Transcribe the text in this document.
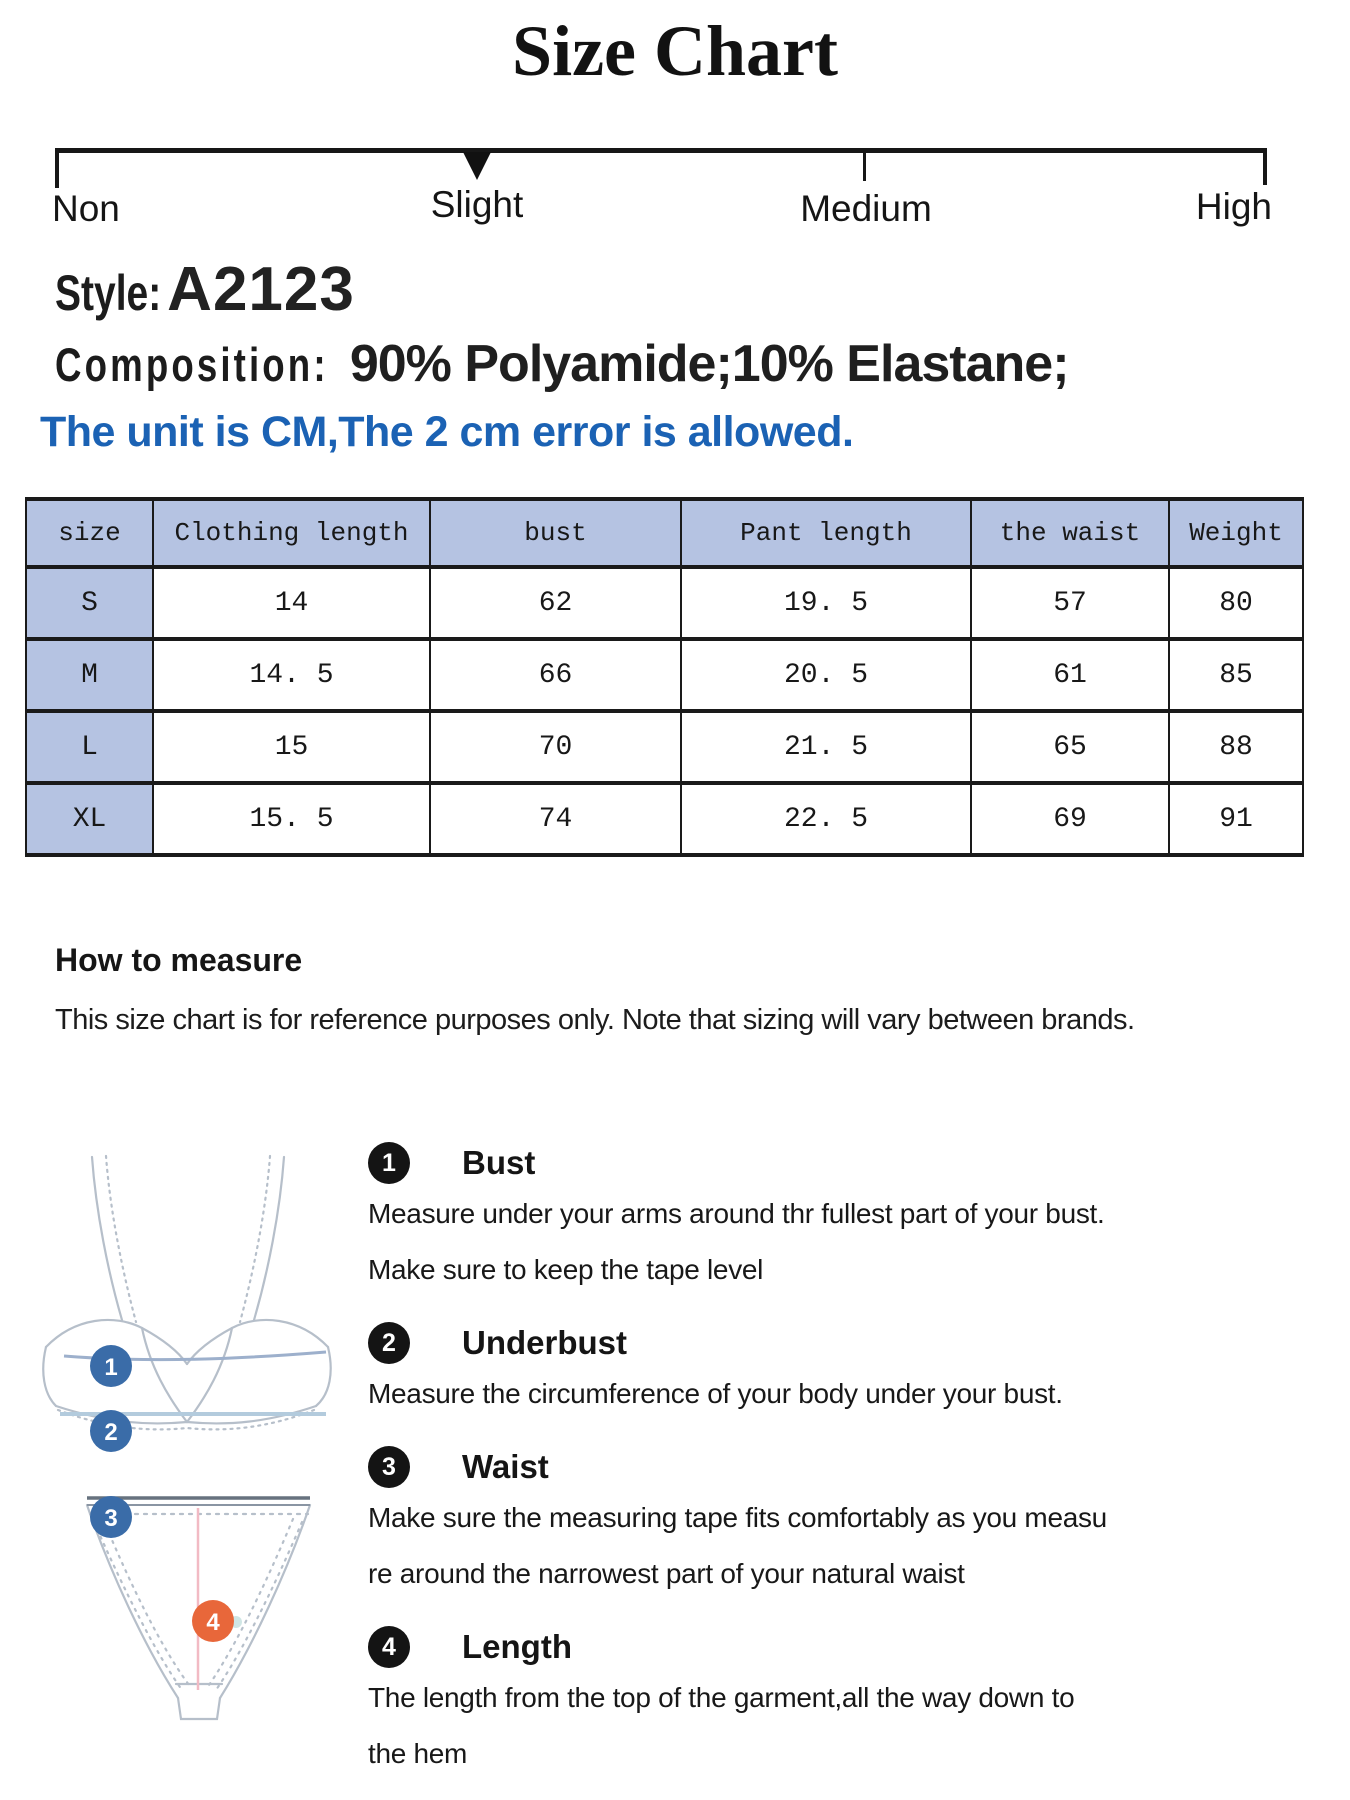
Size Chart
Non	Slight	Medium	High
Style:A2123
Composition: 90% Polyamide;10% Elastane;
The unit is CM,The 2 cm error is allowed.
size	Clothing length	bust	Pant length	the waist	Weight
S	14	62	19. 5	57	80
M	14. 5	66	20. 5	61	85
L	15	70	21. 5	65	88
XL	15. 5	74	22. 5	69	91
How to measure

This size chart is for reference purposes only. Note that sizing will vary between brands.

1
2
3
4
1	Bust
Measure under your arms around thr fullest part of your bust.
Make sure to keep the tape level
2	Underbust
Measure the circumference of your body under your bust.
3	Waist
Make sure the measuring tape fits comfortably as you measu
re around the narrowest part of your natural waist
4	Length
The length from the top of the garment,all the way down to
the hem
